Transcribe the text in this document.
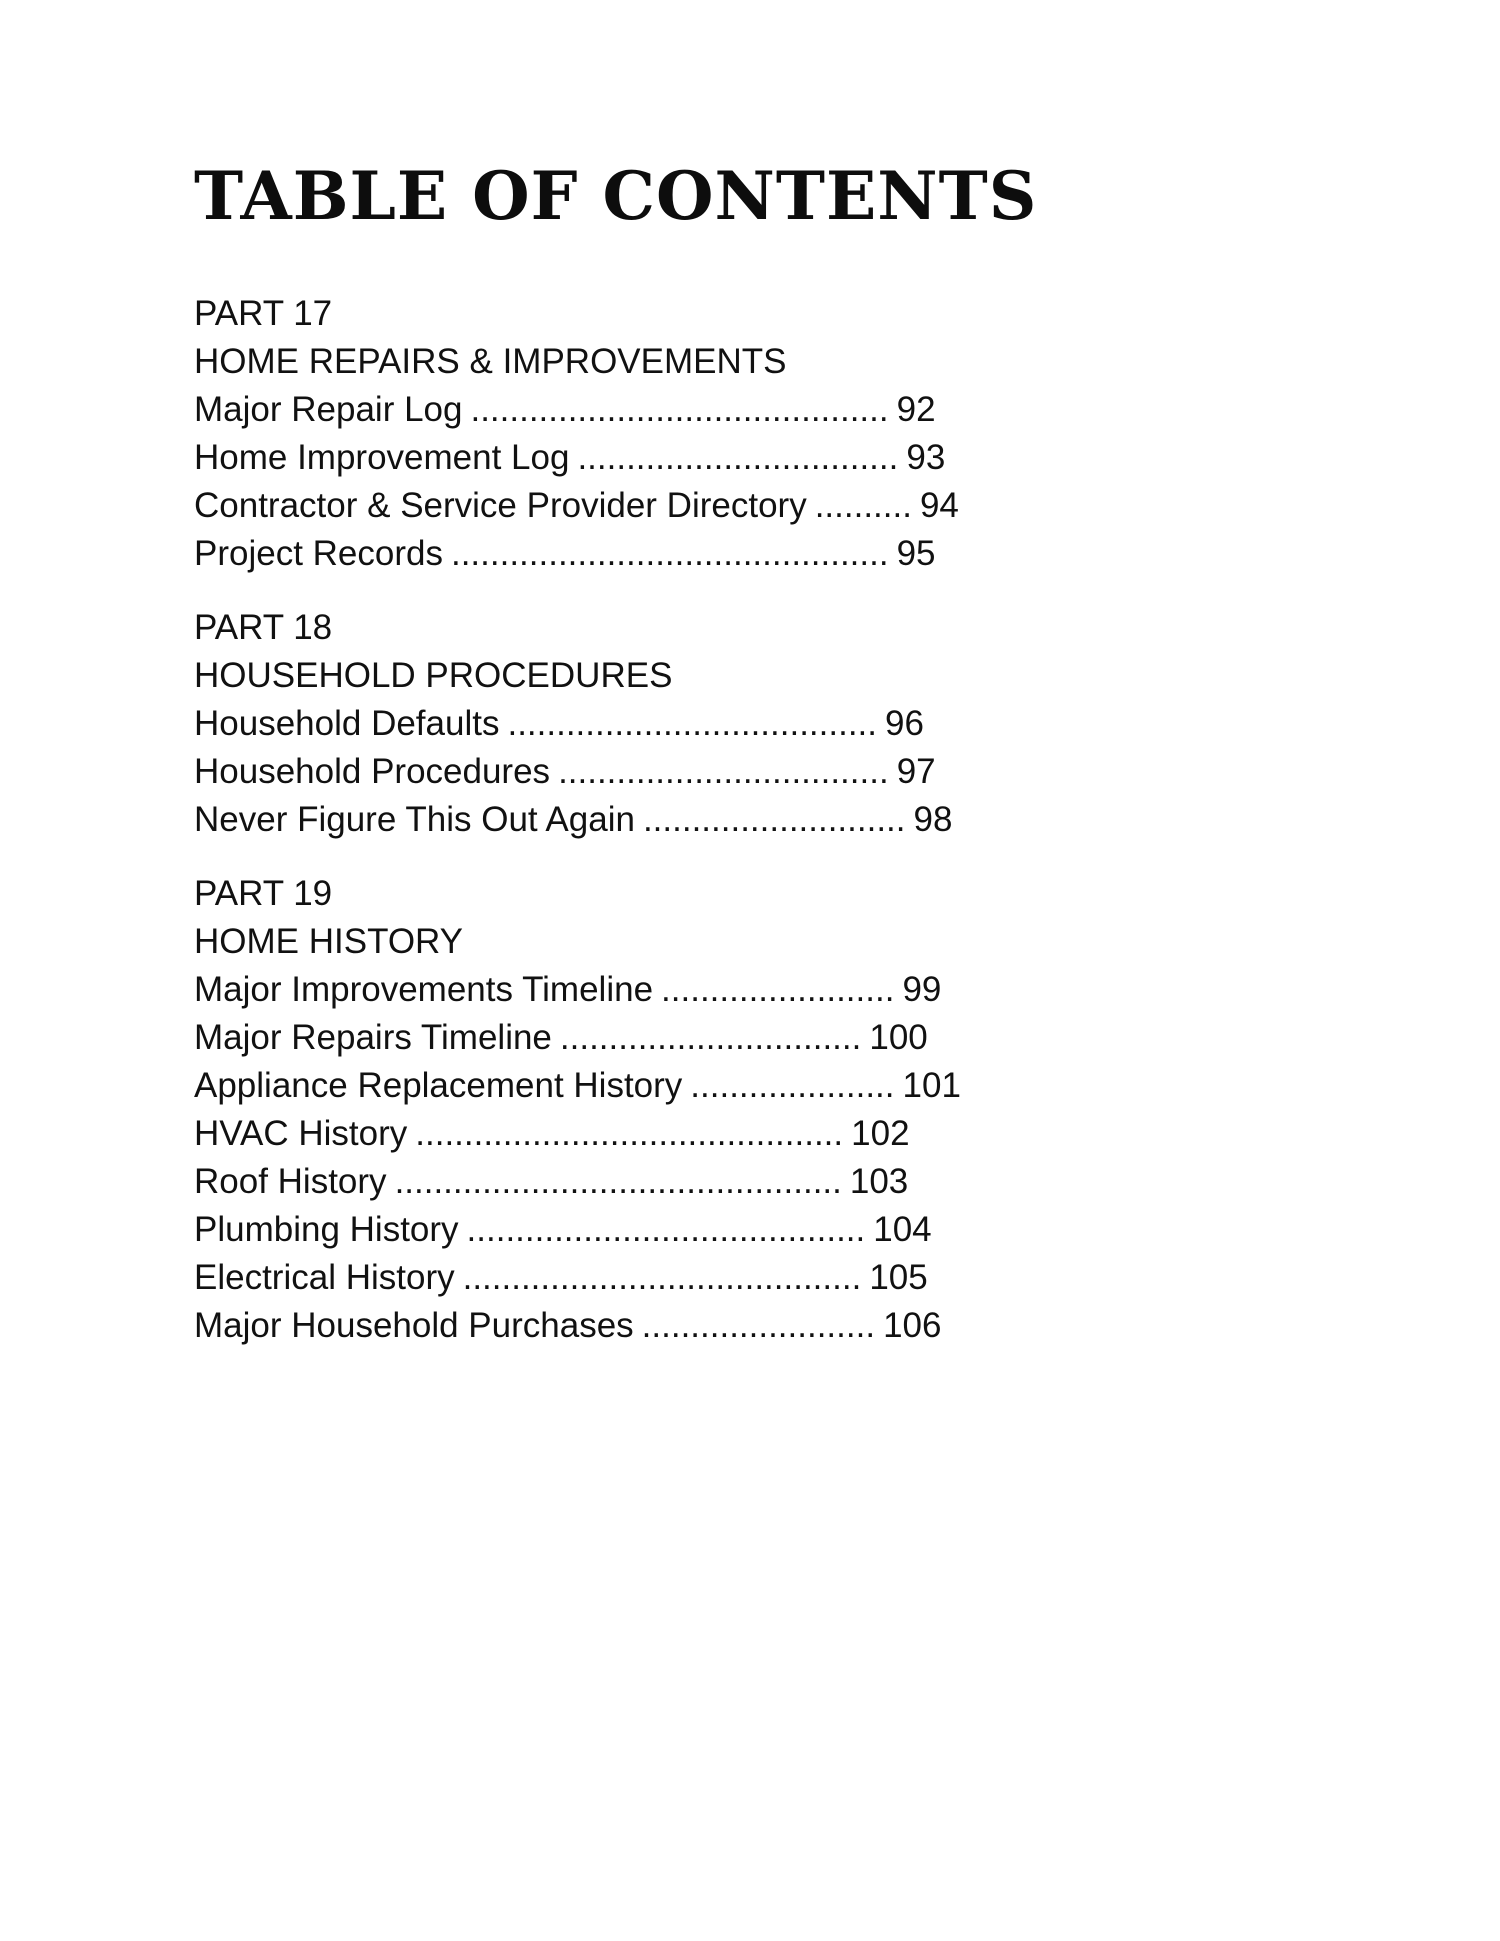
TABLE OF CONTENTS
PART 17
HOME REPAIRS & IMPROVEMENTS
Major Repair Log ........................................... 92
Home Improvement Log ................................. 93
Contractor & Service Provider Directory .......... 94
Project Records ............................................. 95
PART 18
HOUSEHOLD PROCEDURES
Household Defaults ...................................... 96
Household Procedures .................................. 97
Never Figure This Out Again ........................... 98
PART 19
HOME HISTORY
Major Improvements Timeline ........................ 99
Major Repairs Timeline ............................... 100
Appliance Replacement History ..................... 101
HVAC History ............................................ 102
Roof History .............................................. 103
Plumbing History ......................................... 104
Electrical History ......................................... 105
Major Household Purchases ........................ 106
